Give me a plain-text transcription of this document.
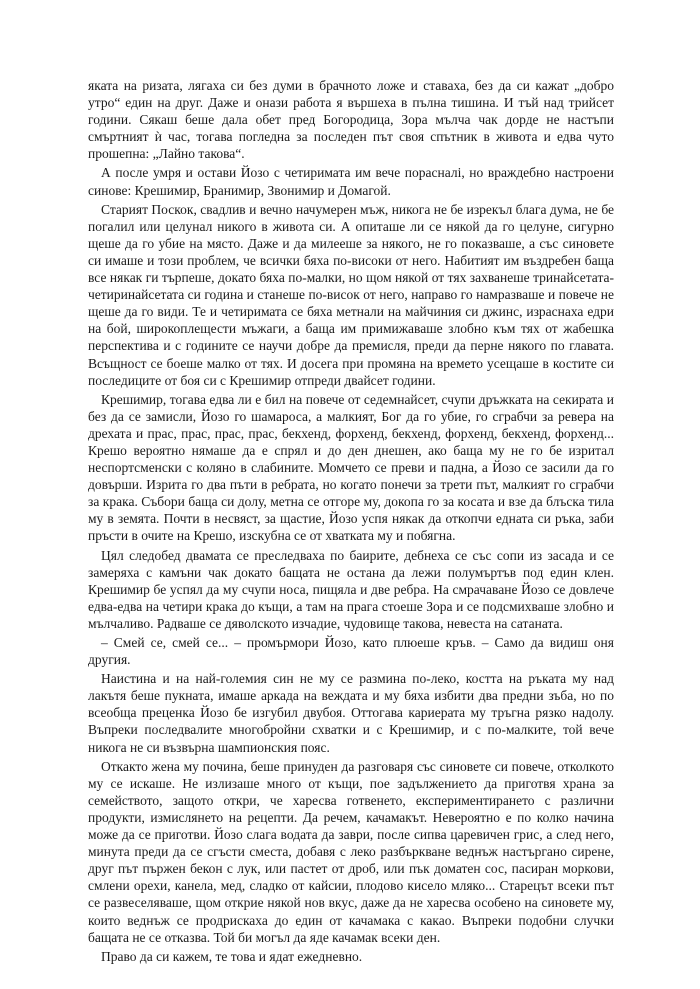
яката на ризата, лягаха си без думи в брачното ложе и ставаха, без да си кажат „добро утро“ един на друг. Даже и онази работа я вършеха в пълна тишина. И тъй над трийсет години. Сякаш беше дала обет пред Богородица, Зора мълча чак дорде не настъпи смъртният ѝ час, тогава погледна за последен път своя спътник в живота и едва чуто прошепна: „Лайно такова“.

А после умря и остави Йозо с четиримата им вече порасналі, но враждебно настроени синове: Крешимир, Бранимир, Звонимир и Домагой.

Старият Поскок, свадлив и вечно начумерен мъж, никога не бе изрекъл блага дума, не бе погалил или целунал никого в живота си. А опиташе ли се някой да го целуне, сигурно щеше да го убие на място. Даже и да милееше за някого, не го показваше, а със синовете си имаше и този проблем, че всички бяха по-високи от него. Набитият им въздребен баща все някак ги търпеше, докато бяха по-малки, но щом някой от тях захванеше тринайсетата-четиринайсетата си година и станеше по-висок от него, направо го намразваше и повече не щеше да го види. Те и четиримата се бяха метнали на майчиния си джинс, израснаха едри на бой, широкоплещести мъжаги, а баща им примижаваше злобно към тях от жабешка перспектива и с годините се научи добре да премисля, преди да перне някого по главата. Всъщност се боеше малко от тях. И досега при промяна на времето усещаше в костите си последиците от боя си с Крешимир отпреди двайсет години.

Крешимир, тогава едва ли е бил на повече от седемнайсет, счупи дръжката на секирата и без да се замисли, Йозо го шамароса, а малкият, Бог да го убие, го сграбчи за ревера на дрехата и прас, прас, прас, прас, бекхенд, форхенд, бекхенд, форхенд, бекхенд, форхенд... Крешо вероятно нямаше да е спрял и до ден днешен, ако баща му не го бе изритал неспортсменски с коляно в слабините. Момчето се преви и падна, а Йозо се засили да го довърши. Изрита го два пъти в ребрата, но когато понечи за трети път, малкият го сграбчи за крака. Събори баща си долу, метна се отгоре му, докопа го за косата и взе да блъска тила му в земята. Почти в несвяст, за щастие, Йозо успя някак да откопчи едната си ръка, заби пръсти в очите на Крешо, изскубна се от хватката му и побягна.

Цял следобед двамата се преследваха по баирите, дебнеха се със сопи из засада и се замеряха с камъни чак докато бащата не остана да лежи полумъртъв под един клен. Крешимир бе успял да му счупи носа, пищяла и две ребра. На смрачаване Йозо се довлече едва-едва на четири крака до къщи, а там на прага стоеше Зора и се подсмихваше злобно и мълчаливо. Радваше се дяволското изчадие, чудовище такова, невеста на сатаната.

– Смей се, смей се... – промърмори Йозо, като плюеше кръв. – Само да видиш оня другия.

Наистина и на най-големия син не му се размина по-леко, костта на ръката му над лакътя беше пукната, имаше аркада на веждата и му бяха избити два предни зъба, но по всеобща преценка Йозо бе изгубил двубоя. Оттогава кариерата му тръгна рязко надолу. Въпреки последвалите многобройни схватки и с Крешимир, и с по-малките, той вече никога не си възвърна шампионския пояс.

Откакто жена му почина, беше принуден да разговаря със синовете си повече, отколкото му се искаше. Не излизаше много от къщи, пое задължението да приготвя храна за семейството, защото откри, че харесва готвенето, експериментирането с различни продукти, измислянето на рецепти. Да речем, качамакът. Невероятно е по колко начина може да се приготви. Йозо слага водата да заври, после сипва царевичен грис, а след него, минута преди да се сгъсти сместа, добавя с леко разбъркване веднъж настъргано сирене, друг път пържен бекон с лук, или пастет от дроб, или пък доматен сос, пасиран моркови, смлени орехи, канела, мед, сладко от кайсии, плодово кисело мляко... Старецът всеки път се развеселяваше, щом открие някой нов вкус, даже да не харесва особено на синовете му, които веднъж се продрискаха до един от качамака с какао. Въпреки подобни случки бащата не се отказва. Той би могъл да яде качамак всеки ден.

Право да си кажем, те това и ядат ежедневно.
